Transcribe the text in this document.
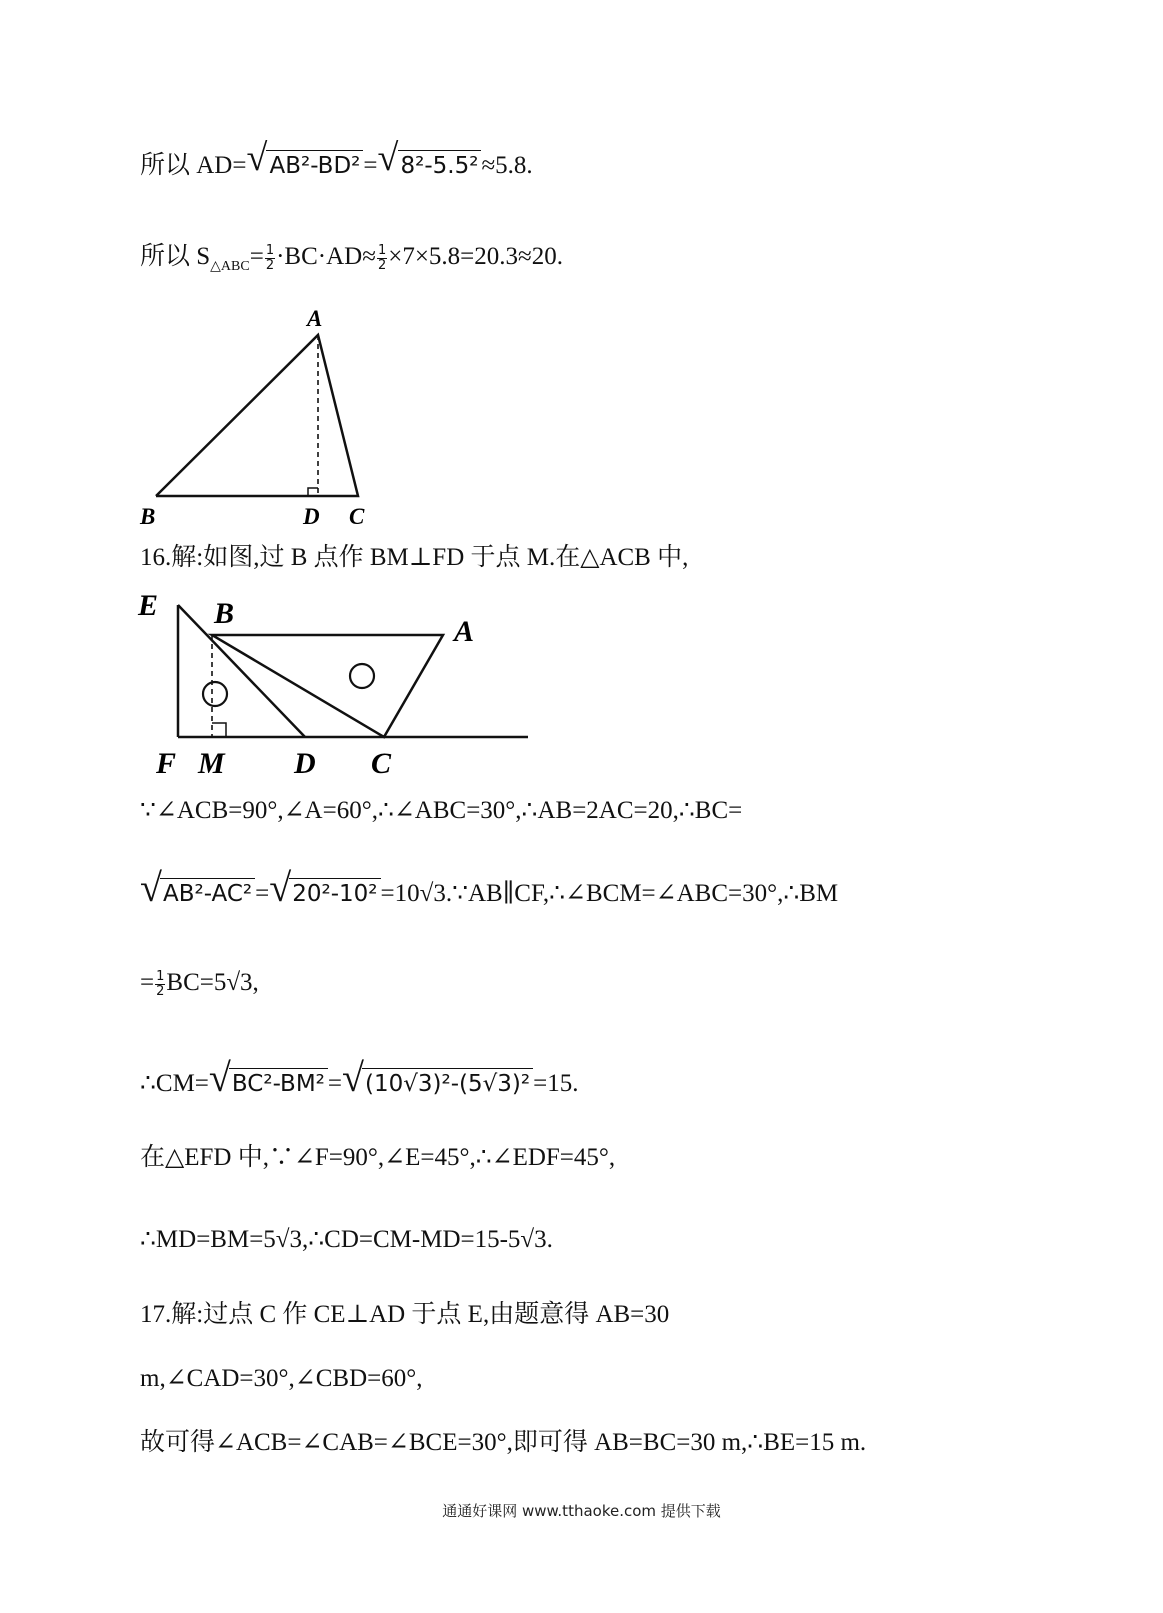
所以 AD= √ AB²-BD² = √ 8²-5.5² ≈5.8.
所以 $S_{\triangle ABC}= \frac{1}{2} \cdot BC\cdot AD\approx \frac{1}{2} \times 7\times 5.8=20.3\approx 20$.
A
B	D C
16.解:如图,过 B 点作 BM⊥FD 于点 M.在△ACB 中,
E B
A
F M D C
∵∠ACB=90°,∠A=60°,∴∠ABC=30°,∴AB=2AC=20,∴BC=
√ AB²-AC² = √ 20²-10² =10√3.∵AB∥CF,∴∠BCM=∠ABC=30°,∴BM
= $\frac{1}{2} BC=5√3$,
∴CM= √ BC²-BM² = √ (10√3)²-(5√3)² =15.
在△EFD 中,∵∠F=90°,∠E=45°,∴∠EDF=45°,
∴MD=BM=5√3,∴CD=CM-MD=15-5√3.
17.解:过点 C 作 CE⊥AD 于点 E,由题意得 AB=30
m,∠CAD=30°,∠CBD=60°,
故可得∠ACB=∠CAB=∠BCE=30°,即可得 AB=BC=30 m,∴BE=15 m.
通通好课网 www.tthaoke.com 提供下载
